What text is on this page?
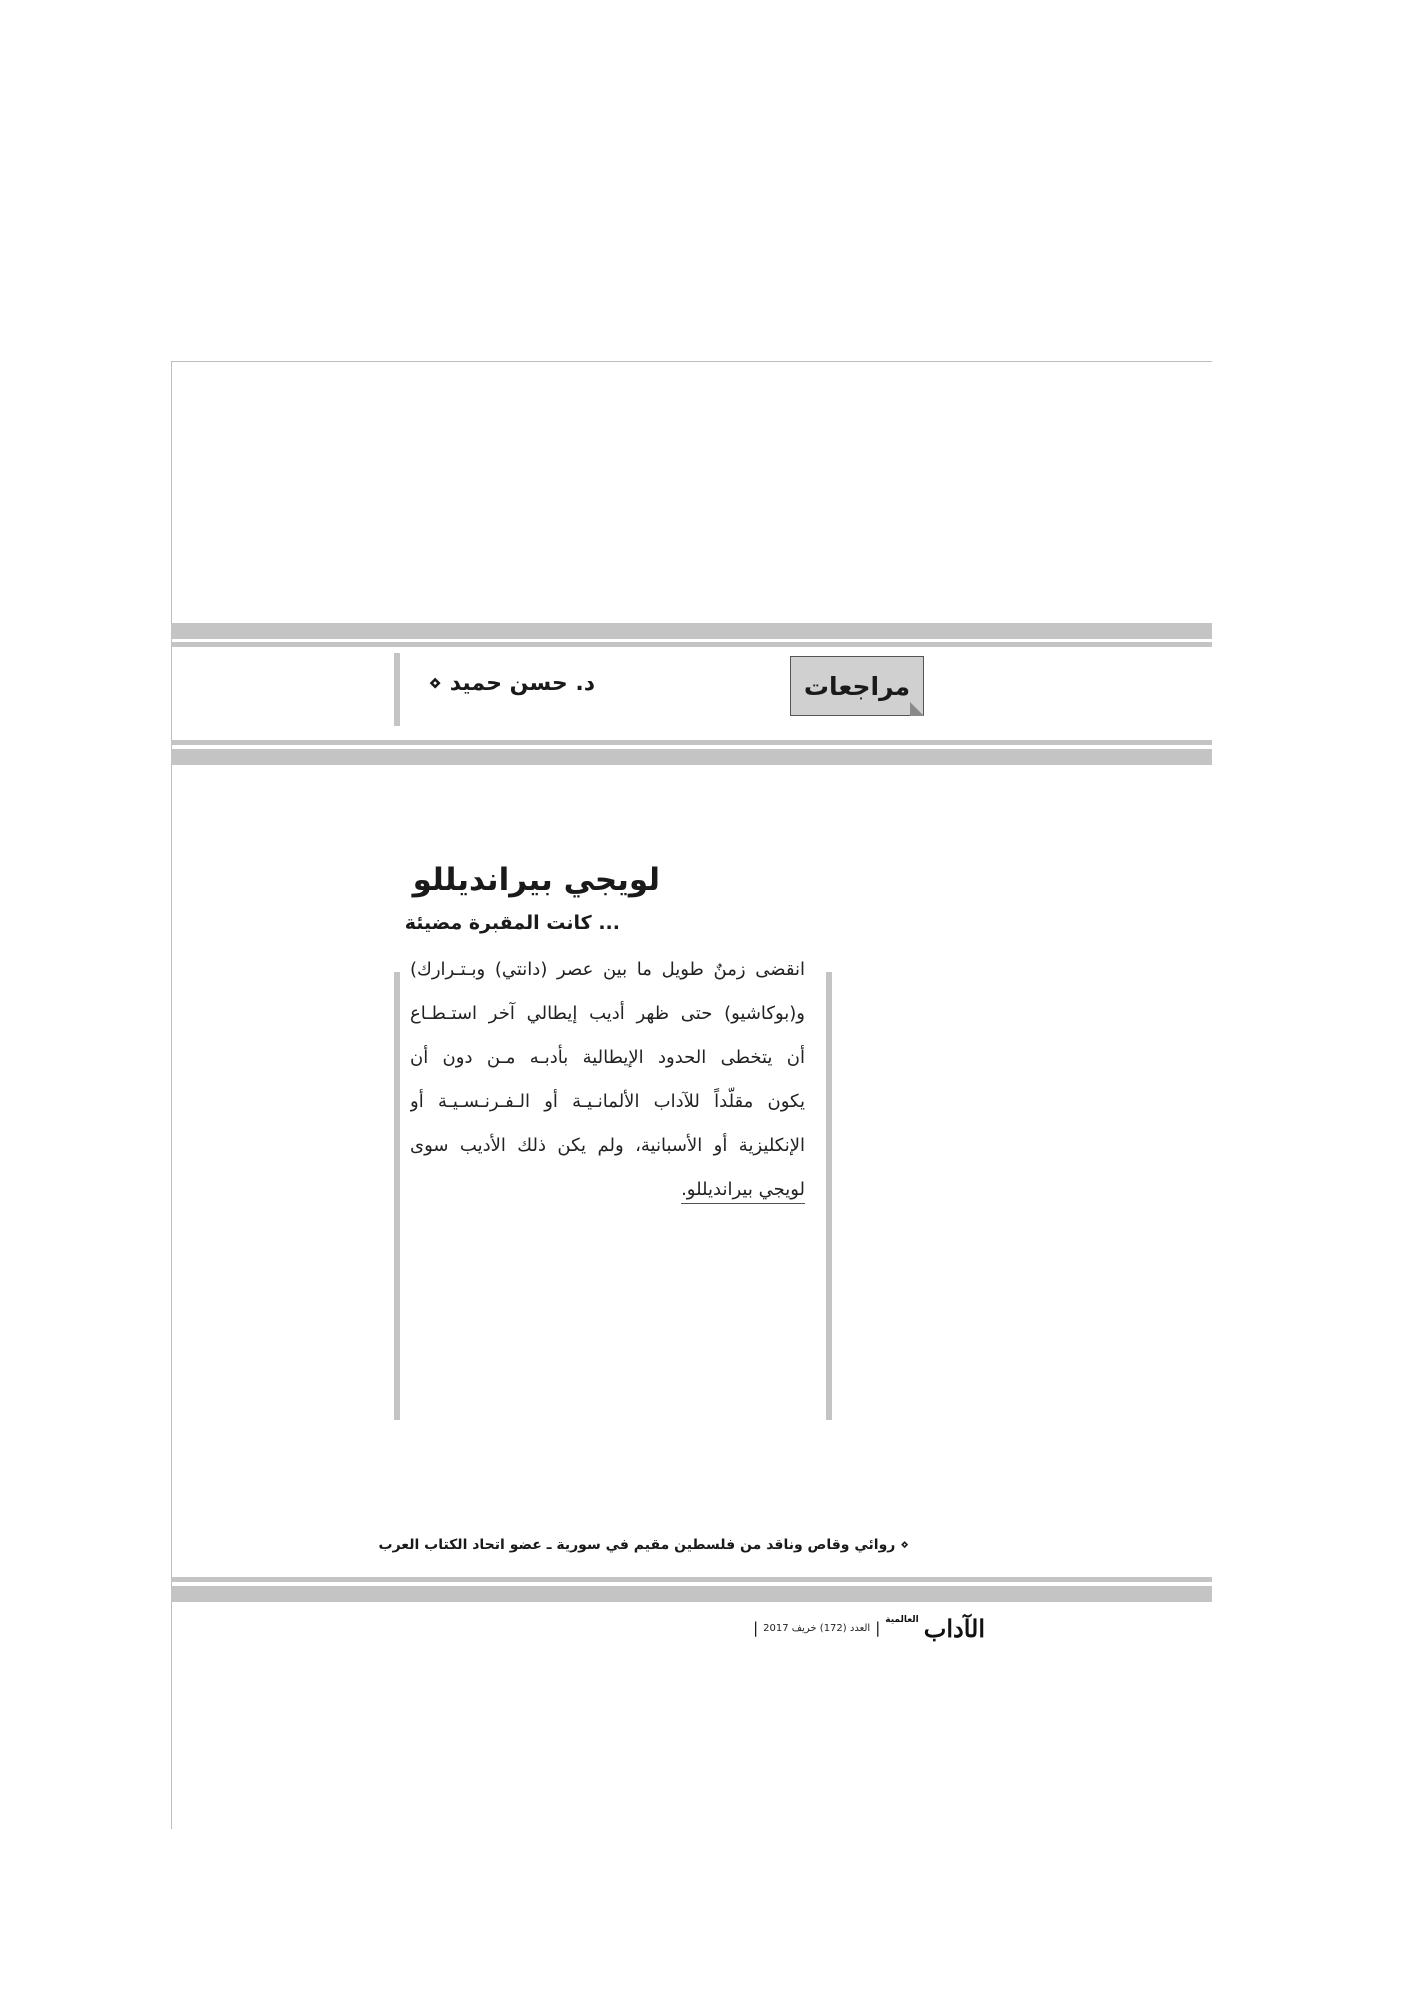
مراجعات
د. حسن حميد ⋄
لويجي بيرانديللو
... كانت المقبرة مضيئة
انقضى زمنٌ طويل ما بين عصر (دانتي) وبـتـرارك)
و(بوكاشيو) حتى ظهر أديب إيطالي آخر استـطـاع
أن يتخطى الحدود الإيطالية بأدبـه مـن دون أن
يكون مقلّداً للآداب الألمانـيـة أو الـفـرنـسـيـة أو
الإنكليزية أو الأسبانية، ولم يكن ذلك الأديب سوى
لويجي بيرانديللو.
⋄ روائي وقاص وناقد من فلسطين مقيم في سورية ـ عضو اتحاد الكتاب العرب
الآداب
العالمية
|
العدد (172) خريف 2017
|
